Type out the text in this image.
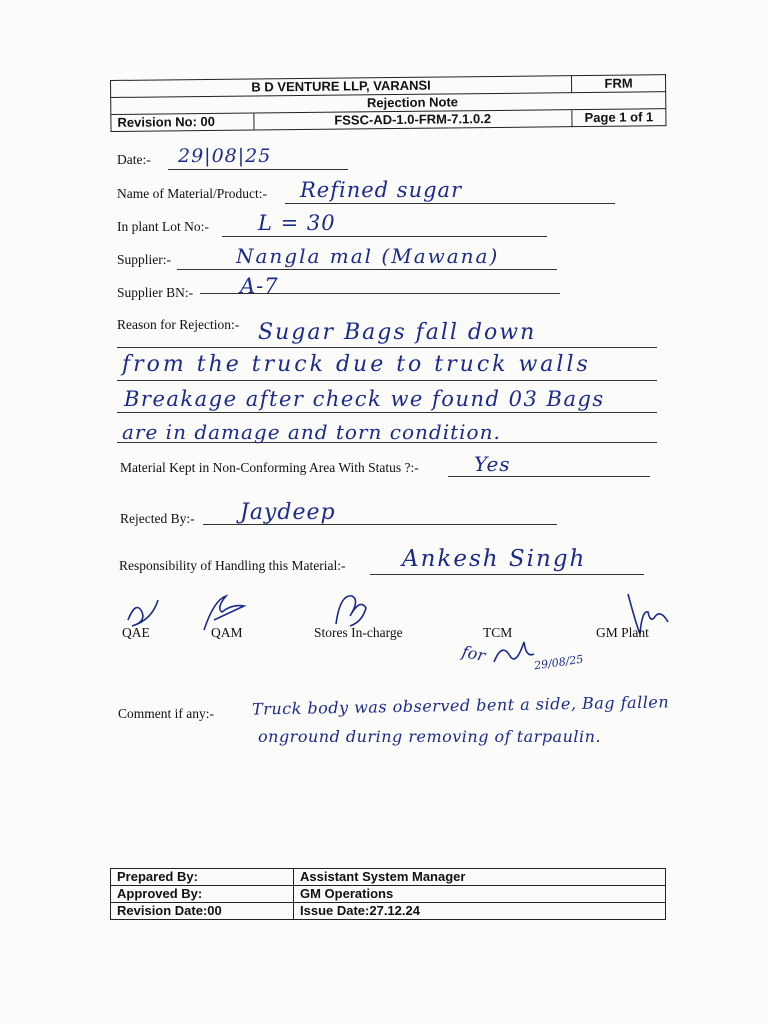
B D VENTURE LLP, VARANSI		FRM
	Rejection Note	
Revision No: 00	FSSC-AD-1.0-FRM-7.1.0.2	Page 1 of 1
Date:- 29|08|25
Name of Material/Product:- Refined sugar
In plant Lot No:- L = 30
Supplier:-	Nangla mal (Mawana)
Supplier BN:- A-7
Reason for Rejection:- Sugar Bags fall down
from the truck due to truck walls
Breakage after check we found 03 Bags
are in damage and torn condition.
Material Kept in Non-Conforming Area With Status ?:-	Yes
Rejected By:- Jaydeep
Responsibility of Handling this Material:- Ankesh Singh
QAE	QAM	Stores In-charge	TCM	GM Plant
for	29/08/25
Comment if any:- Truck body was observed bent a side, Bag fallen
onground during removing of tarpaulin.
Prepared By:	Assistant System Manager
Approved By:	GM Operations
Revision Date:00	Issue Date:27.12.24
